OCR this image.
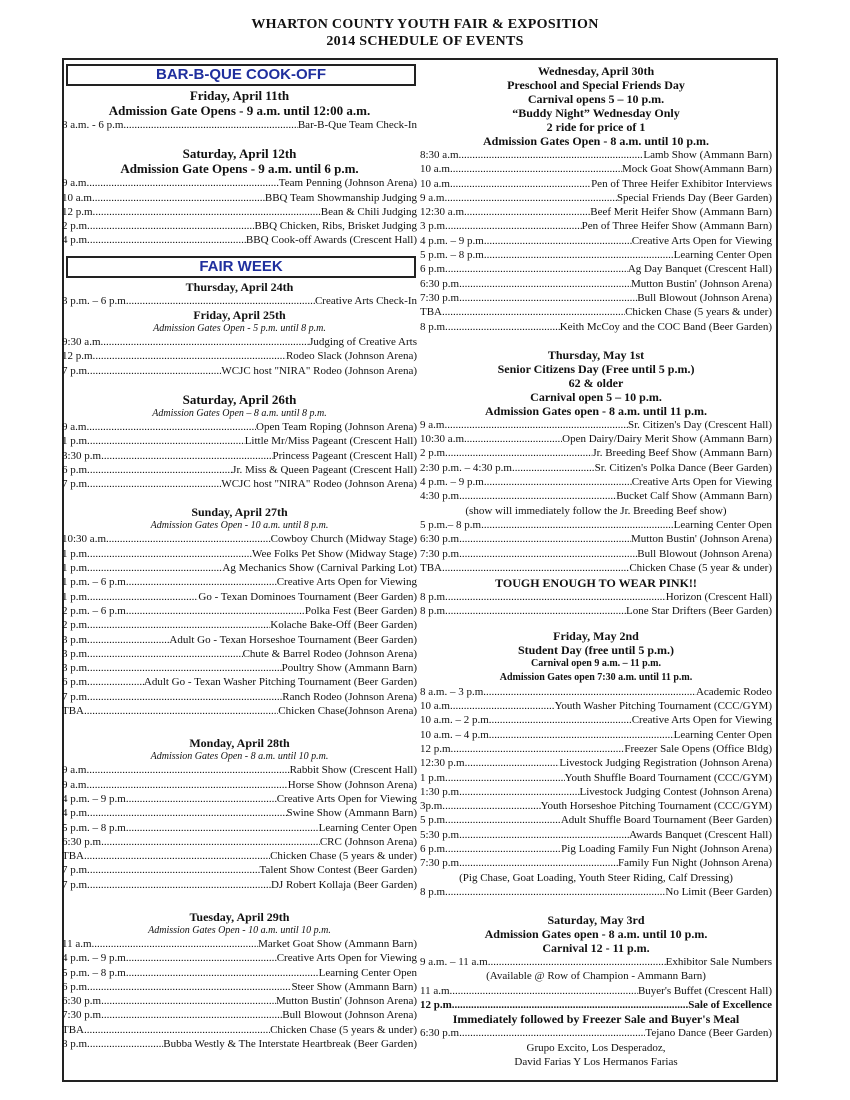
WHARTON COUNTY YOUTH FAIR & EXPOSITION
2014 SCHEDULE OF EVENTS
BAR-B-QUE COOK-OFF
Friday, April 11th
Admission Gate Opens - 9 a.m. until 12:00 a.m.
8 a.m. - 6 p.m. .....	Bar-B-Que Team Check-In
Saturday, April 12th
Admission Gate Opens - 9 a.m. until 6 p.m.
9 a.m. .....	Team Penning (Johnson Arena)
10 a.m. .....	BBQ Team Showmanship Judging
12 p.m. .....	Bean & Chili Judging
2 p.m. .....	BBQ Chicken, Ribs, Brisket Judging
4 p.m. .....	BBQ Cook-off Awards (Crescent Hall)
FAIR WEEK
Thursday, April 24th
3 p.m. – 6 p.m. .....	Creative Arts Check-In
Friday, April 25th
Admission Gates Open - 5 p.m. until 8 p.m.
9:30 a.m. .....	Judging of Creative Arts
12 p.m. .....	Rodeo Slack (Johnson Arena)
7 p.m. .....	WCJC host "NIRA" Rodeo (Johnson Arena)
Saturday, April 26th
Admission Gates Open – 8 a.m. until 8 p.m.
9 a.m. .....	Open Team Roping (Johnson Arena)
1 p.m. .....	Little Mr/Miss Pageant (Crescent Hall)
3:30 p.m. .....	Princess Pageant (Crescent Hall)
6 p.m. .....	Jr. Miss & Queen Pageant (Crescent Hall)
7 p.m. .....	WCJC host "NIRA" Rodeo (Johnson Arena)
Sunday, April 27th
Admission Gates Open - 10 a.m. until 8 p.m.
10:30 a.m. .....	Cowboy Church (Midway Stage)
1 p.m. .....	Wee Folks Pet Show (Midway Stage)
1 p.m. .....	Ag Mechanics Show (Carnival Parking Lot)
1 p.m. – 6 p.m. .....	Creative Arts Open for Viewing
1 p.m. .....	Go - Texan Dominoes Tournament (Beer Garden)
2 p.m. – 6 p.m. .....	Polka Fest (Beer Garden)
2 p.m. .....	Kolache Bake-Off (Beer Garden)
3 p.m. .....	Adult Go - Texan Horseshoe Tournament (Beer Garden)
3 p.m. .....	Chute & Barrel Rodeo (Johnson Arena)
3 p.m. .....	Poultry Show (Ammann Barn)
6 p.m. .....	Adult Go - Texan Washer Pitching Tournament (Beer Garden)
7 p.m. .....	Ranch Rodeo (Johnson Arena)
TBA .....	Chicken Chase(Johnson Arena)
Monday, April 28th
Admission Gates Open - 8 a.m. until 10 p.m.
9 a.m. .....	Rabbit Show (Crescent Hall)
9 a.m. .....	Horse Show (Johnson Arena)
4 p.m. – 9 p.m. .....	Creative Arts Open for Viewing
4 p.m. .....	Swine Show (Ammann Barn)
5 p.m. – 8 p.m. .....	Learning Center Open
6:30 p.m. .....	CRC (Johnson Arena)
TBA .....	Chicken Chase (5 years & under)
7 p.m. .....	Talent Show Contest (Beer Garden)
7 p.m. .....	DJ Robert Kollaja (Beer Garden)
Tuesday, April 29th
Admission Gates Open - 10 a.m. until 10 p.m.
11 a.m. .....	Market Goat Show (Ammann Barn)
4 p.m. – 9 p.m. .....	Creative Arts Open for Viewing
5 p.m. – 8 p.m. .....	Learning Center Open
6 p.m. .....	Steer Show (Ammann Barn)
6:30 p.m. .....	Mutton Bustin' (Johnson Arena)
7:30 p.m. .....	Bull Blowout (Johnson Arena)
TBA .....	Chicken Chase (5 years & under)
8 p.m. .....	Bubba Westly & The Interstate Heartbreak (Beer Garden)
Wednesday, April 30th
Preschool and Special Friends Day
Carnival opens 5 – 10 p.m.
“Buddy Night” Wednesday Only
2 ride for price of 1
Admission Gates Open - 8 a.m. until 10 p.m.
8:30 a.m. .....	Lamb Show (Ammann Barn)
10 a.m. .....	Mock Goat Show(Ammann Barn)
10 a.m. .....	Pen of Three Heifer Exhibitor Interviews
9 a.m. .....	Special Friends Day (Beer Garden)
12:30 a.m. .....	Beef Merit Heifer Show (Ammann Barn)
3 p.m. .....	Pen of Three Heifer Show (Ammann Barn)
4 p.m. – 9 p.m. .....	Creative Arts Open for Viewing
5 p.m. – 8 p.m. .....	Learning Center Open
6 p.m. .....	Ag Day Banquet (Crescent Hall)
6:30 p.m. .....	Mutton Bustin' (Johnson Arena)
7:30 p.m. .....	Bull Blowout (Johnson Arena)
TBA .....	Chicken Chase (5 years & under)
8 p.m. .....	Keith McCoy and the COC Band (Beer Garden)
Thursday, May 1st
Senior Citizens Day (Free until 5 p.m.)
62 & older
Carnival open 5 – 10 p.m.
Admission Gates open - 8 a.m. until 11 p.m.
9 a.m. .....	Sr. Citizen's Day (Crescent Hall)
10:30 a.m. .....	Open Dairy/Dairy Merit Show (Ammann Barn)
2 p.m. .....	Jr. Breeding Beef Show (Ammann Barn)
2:30 p.m. – 4:30 p.m. .....	Sr. Citizen's Polka Dance (Beer Garden)
4 p.m. – 9 p.m. .....	Creative Arts Open for Viewing
4:30 p.m. .....	Bucket Calf Show (Ammann Barn)
(show will immediately follow the Jr. Breeding Beef show)
5 p.m.– 8 p.m. .....	Learning Center Open
6:30 p.m. .....	Mutton Bustin' (Johnson Arena)
7:30 p.m. .....	Bull Blowout (Johnson Arena)
TBA .....	Chicken Chase (5 year & under)
TOUGH ENOUGH TO WEAR PINK!!
8 p.m. .....	Horizon (Crescent Hall)
8 p.m. .....	Lone Star Drifters (Beer Garden)
Friday, May 2nd
Student Day (free until 5 p.m.)
Carnival open 9 a.m. – 11 p.m.
Admission Gates open 7:30 a.m. until 11 p.m.
8 a.m. – 3 p.m. .....	Academic Rodeo
10 a.m. .....	Youth Washer Pitching Tournament (CCC/GYM)
10 a.m. – 2 p.m. .....	Creative Arts Open for Viewing
10 a.m. – 4 p.m. .....	Learning Center Open
12 p.m. .....	Freezer Sale Opens (Office Bldg)
12:30 p.m. .....	Livestock Judging Registration (Johnson Arena)
1 p.m. .....	Youth Shuffle Board Tournament (CCC/GYM)
1:30 p.m. .....	Livestock Judging Contest (Johnson Arena)
3p.m. .....	Youth Horseshoe Pitching Tournament (CCC/GYM)
5 p.m. .....	Adult Shuffle Board Tournament (Beer Garden)
5:30 p.m. .....	Awards Banquet (Crescent Hall)
6 p.m. .....	Pig Loading Family Fun Night (Johnson Arena)
7:30 p.m. .....	Family Fun Night (Johnson Arena)
(Pig Chase, Goat Loading, Youth Steer Riding, Calf Dressing)
8 p.m. .....	No Limit (Beer Garden)
Saturday, May 3rd
Admission Gates open - 8 a.m. until 10 p.m.
Carnival 12 - 11 p.m.
9 a.m. – 11 a.m. .....	Exhibitor Sale Numbers
(Available @ Row of Champion - Ammann Barn)
11 a.m. .....	Buyer's Buffet (Crescent Hall)
12 p.m. .....	Sale of Excellence
Immediately followed by Freezer Sale and Buyer's Meal
6:30 p.m. .....	Tejano Dance (Beer Garden)
Grupo Excito, Los Desperadoz,
David Farias Y Los Hermanos Farias
